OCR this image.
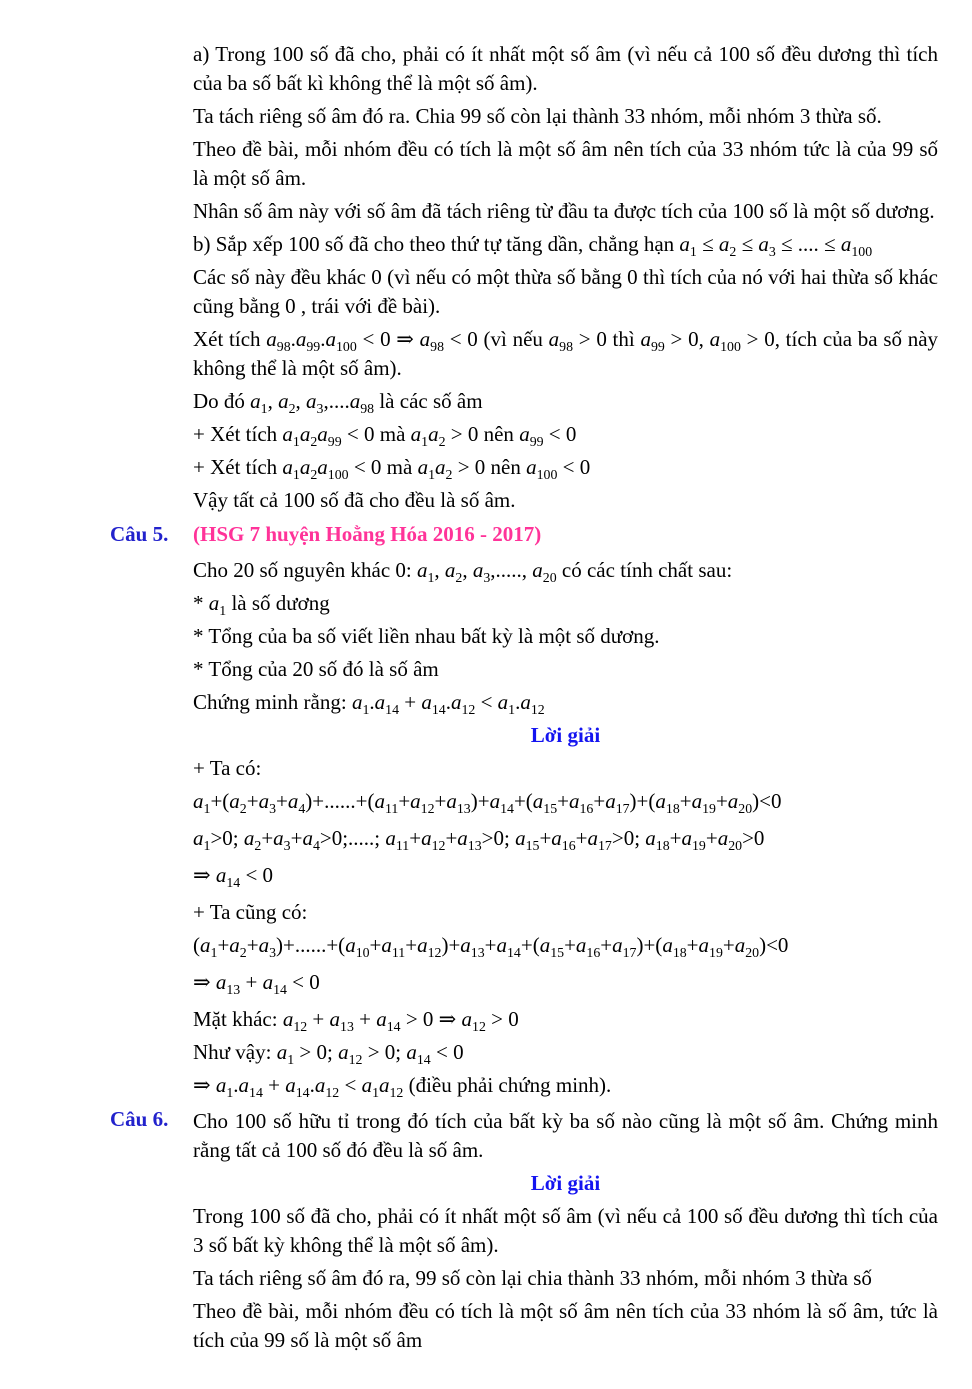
a) Trong 100 số đã cho, phải có ít nhất một số âm (vì nếu cả 100 số đều dương thì tích của ba số bất kì không thể là một số âm).

Ta tách riêng số âm đó ra. Chia 99 số còn lại thành 33 nhóm, mỗi nhóm 3 thừa số.

Theo đề bài, mỗi nhóm đều có tích là một số âm nên tích của 33 nhóm tức là của 99 số là một số âm.

Nhân số âm này với số âm đã tách riêng từ đầu ta được tích của 100 số là một số dương.

b) Sắp xếp 100 số đã cho theo thứ tự tăng dần, chẳng hạn $a_1 \le a_2 \le a_3$ ≤ .... ≤ $a_{100}$

Các số này đều khác 0 (vì nếu có một thừa số bằng 0 thì tích của nó với hai thừa số khác cũng bằng 0 , trái với đề bài).

Xét tích $a_{98}.a_{99}.a_{100} < 0$ ⇒ $a_{98} < 0$ (vì nếu $a_{98} > 0$ thì $a_{99} > 0$, $a_{100} > 0$, tích của ba số này không thể là một số âm).

Do đó $a_1$, $a_2$, $a_3,....a_{98}$ là các số âm

+ Xét tích $a_1a_2a_{99} < 0$ mà $a_1a_2 > 0$ nên $a_{99} < 0$

+ Xét tích $a_1a_2a_{100} < 0$ mà $a_1a_2 > 0$ nên $a_{100} < 0$

Vậy tất cả 100 số đã cho đều là số âm.

Câu 5. (HSG 7 huyện Hoằng Hóa 2016 - 2017)

Cho 20 số nguyên khác 0: $a_1$, $a_2$, $a_3$,....., $a_{20}$ có các tính chất sau:

* $a_1$ là số dương

* Tổng của ba số viết liền nhau bất kỳ là một số dương.

* Tổng của 20 số đó là số âm

Chứng minh rằng: $a_1.a_{14} + a_{14}.a_{12} < a_1.a_{12}$

Lời giải

+ Ta có:

$a_1+(a_2+a_3+a_4)+......+(a_{11}+a_{12}+a_{13})+a_{14}+(a_{15}+a_{16}+a_{17})+(a_{18}+a_{19}+a_{20})<0$

$a_1>0$; $a_2+a_3+a_4>0$;.....; $a_{11}+a_{12}+a_{13}>0$; $a_{15}+a_{16}+a_{17}>0$; $a_{18}+a_{19}+a_{20}>0$

⇒ $a_{14} < 0$

+ Ta cũng có:

$(a_1+a_2+a_3)+......+(a_{10}+a_{11}+a_{12})+a_{13}+a_{14}+(a_{15}+a_{16}+a_{17})+(a_{18}+a_{19}+a_{20})<0$

⇒ $a_{13} + a_{14} < 0$

Mặt khác: $a_{12} + a_{13} + a_{14} > 0$ ⇒ $a_{12} > 0$

Như vậy: $a_1 > 0$; $a_{12} > 0$; $a_{14} < 0$

⇒ $a_1.a_{14} + a_{14}.a_{12} < a_1a_{12}$ (điều phải chứng minh).

Câu 6. Cho 100 số hữu tỉ trong đó tích của bất kỳ ba số nào cũng là một số âm. Chứng minh rằng tất cả 100 số đó đều là số âm.

Lời giải

Trong 100 số đã cho, phải có ít nhất một số âm (vì nếu cả 100 số đều dương thì tích của 3 số bất kỳ không thể là một số âm).

Ta tách riêng số âm đó ra, 99 số còn lại chia thành 33 nhóm, mỗi nhóm 3 thừa số

Theo đề bài, mỗi nhóm đều có tích là một số âm nên tích của 33 nhóm là số âm, tức là tích của 99 số là một số âm
